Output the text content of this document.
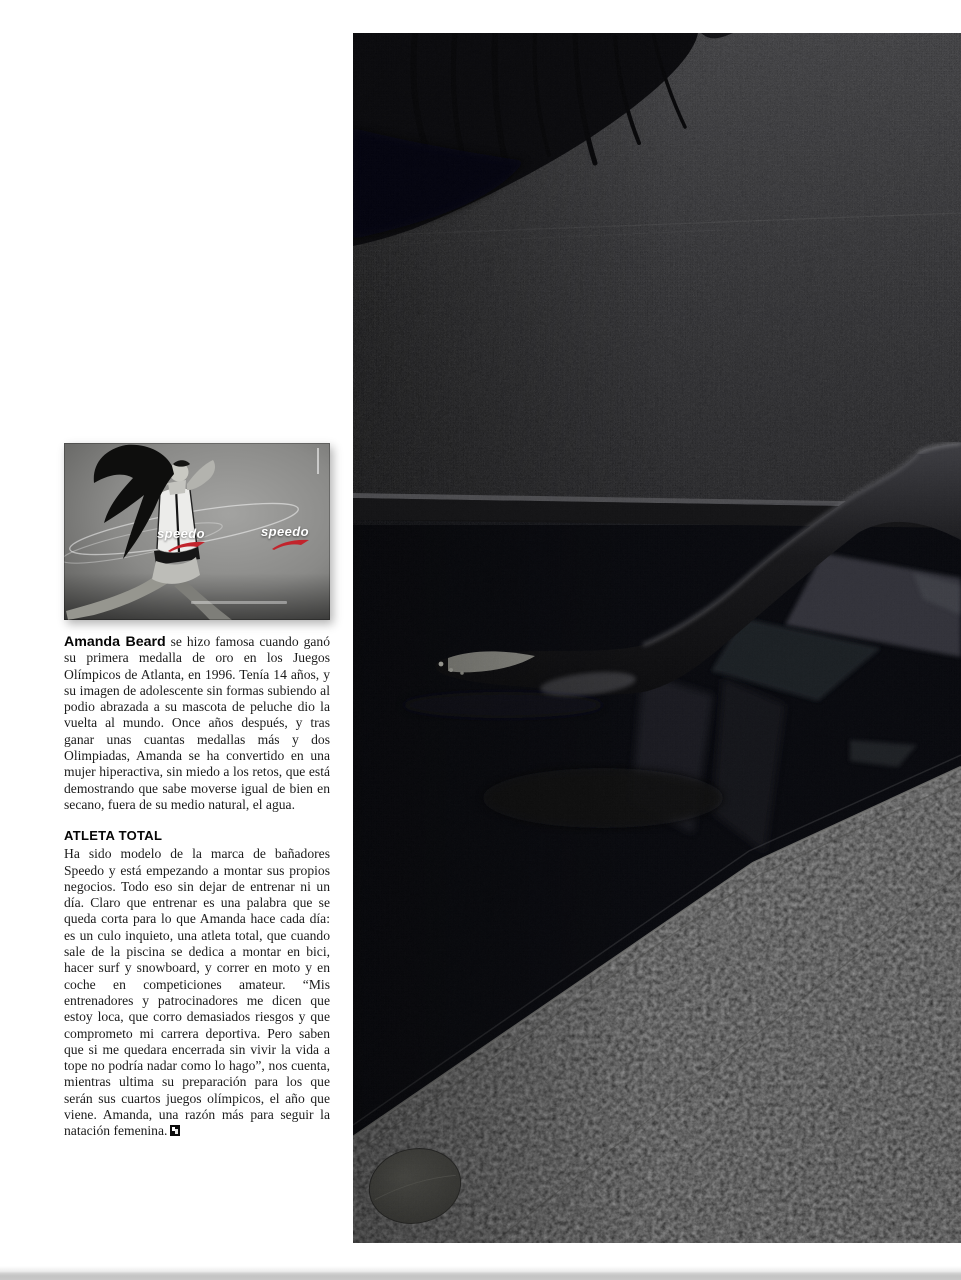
speedo	speedo

Amanda Beard se hizo famosa cuando ganó su primera medalla de oro en los Juegos Olímpicos de Atlanta, en 1996. Tenía 14 años, y su imagen de adolescente sin formas subiendo al podio abrazada a su mascota de peluche dio la vuelta al mundo. Once años después, y tras ganar unas cuantas medallas más y dos Olimpiadas, Amanda se ha convertido en una mujer hiperactiva, sin miedo a los retos, que está demostrando que sabe moverse igual de bien en secano, fuera de su medio natural, el agua.

ATLETA TOTAL

Ha sido modelo de la marca de bañadores Speedo y está empezando a montar sus propios negocios. Todo eso sin dejar de entrenar ni un día. Claro que entrenar es una palabra que se queda corta para lo que Amanda hace cada día: es un culo inquieto, una atleta total, que cuando sale de la piscina se dedica a montar en bici, hacer surf y snowboard, y correr en moto y en coche en competiciones amateur. “Mis entrenadores y patrocinadores me dicen que estoy loca, que corro demasiados riesgos y que comprometo mi carrera deportiva. Pero saben que si me quedara encerrada sin vivir la vida a tope no podría nadar como lo hago”, nos cuenta, mientras ultima su preparación para los que serán sus cuartos juegos olímpicos, el año que viene. Amanda, una razón más para seguir la natación femenina.
